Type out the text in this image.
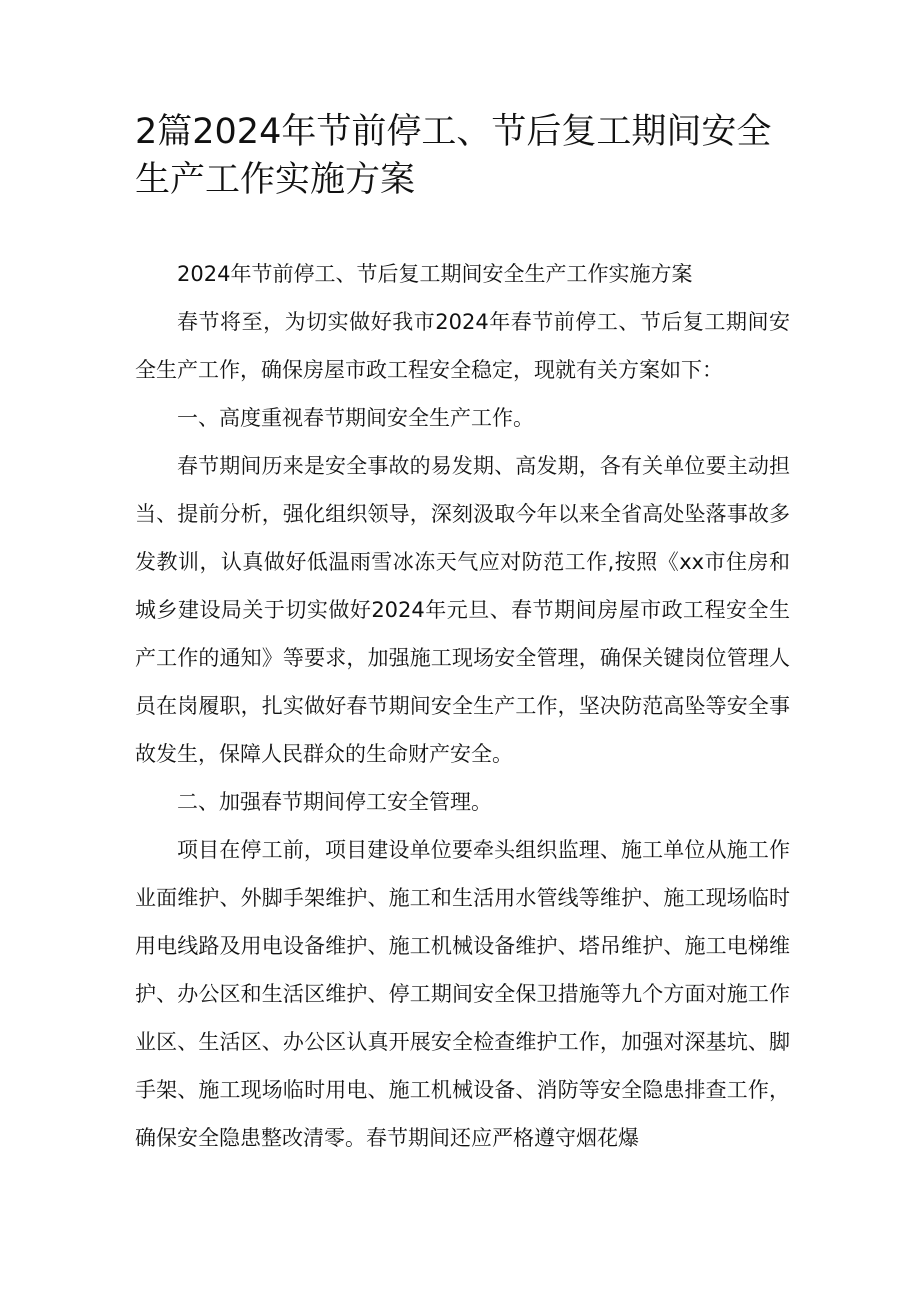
2篇2024年节前停工、节后复工期间安全生产工作实施方案

2024年节前停工、节后复工期间安全生产工作实施方案

春节将至，为切实做好我市2024年春节前停工、节后复工期间安全生产工作，确保房屋市政工程安全稳定，现就有关方案如下：

一、高度重视春节期间安全生产工作。

春节期间历来是安全事故的易发期、高发期，各有关单位要主动担当、提前分析，强化组织领导，深刻汲取今年以来全省高处坠落事故多发教训，认真做好低温雨雪冰冻天气应对防范工作,按照《xx市住房和城乡建设局关于切实做好2024年元旦、春节期间房屋市政工程安全生产工作的通知》等要求，加强施工现场安全管理，确保关键岗位管理人员在岗履职，扎实做好春节期间安全生产工作，坚决防范高坠等安全事故发生，保障人民群众的生命财产安全。

二、加强春节期间停工安全管理。

项目在停工前，项目建设单位要牵头组织监理、施工单位从施工作业面维护、外脚手架维护、施工和生活用水管线等维护、施工现场临时用电线路及用电设备维护、施工机械设备维护、塔吊维护、施工电梯维护、办公区和生活区维护、停工期间安全保卫措施等九个方面对施工作业区、生活区、办公区认真开展安全检查维护工作，加强对深基坑、脚手架、施工现场临时用电、施工机械设备、消防等安全隐患排查工作，确保安全隐患整改清零。春节期间还应严格遵守烟花爆
